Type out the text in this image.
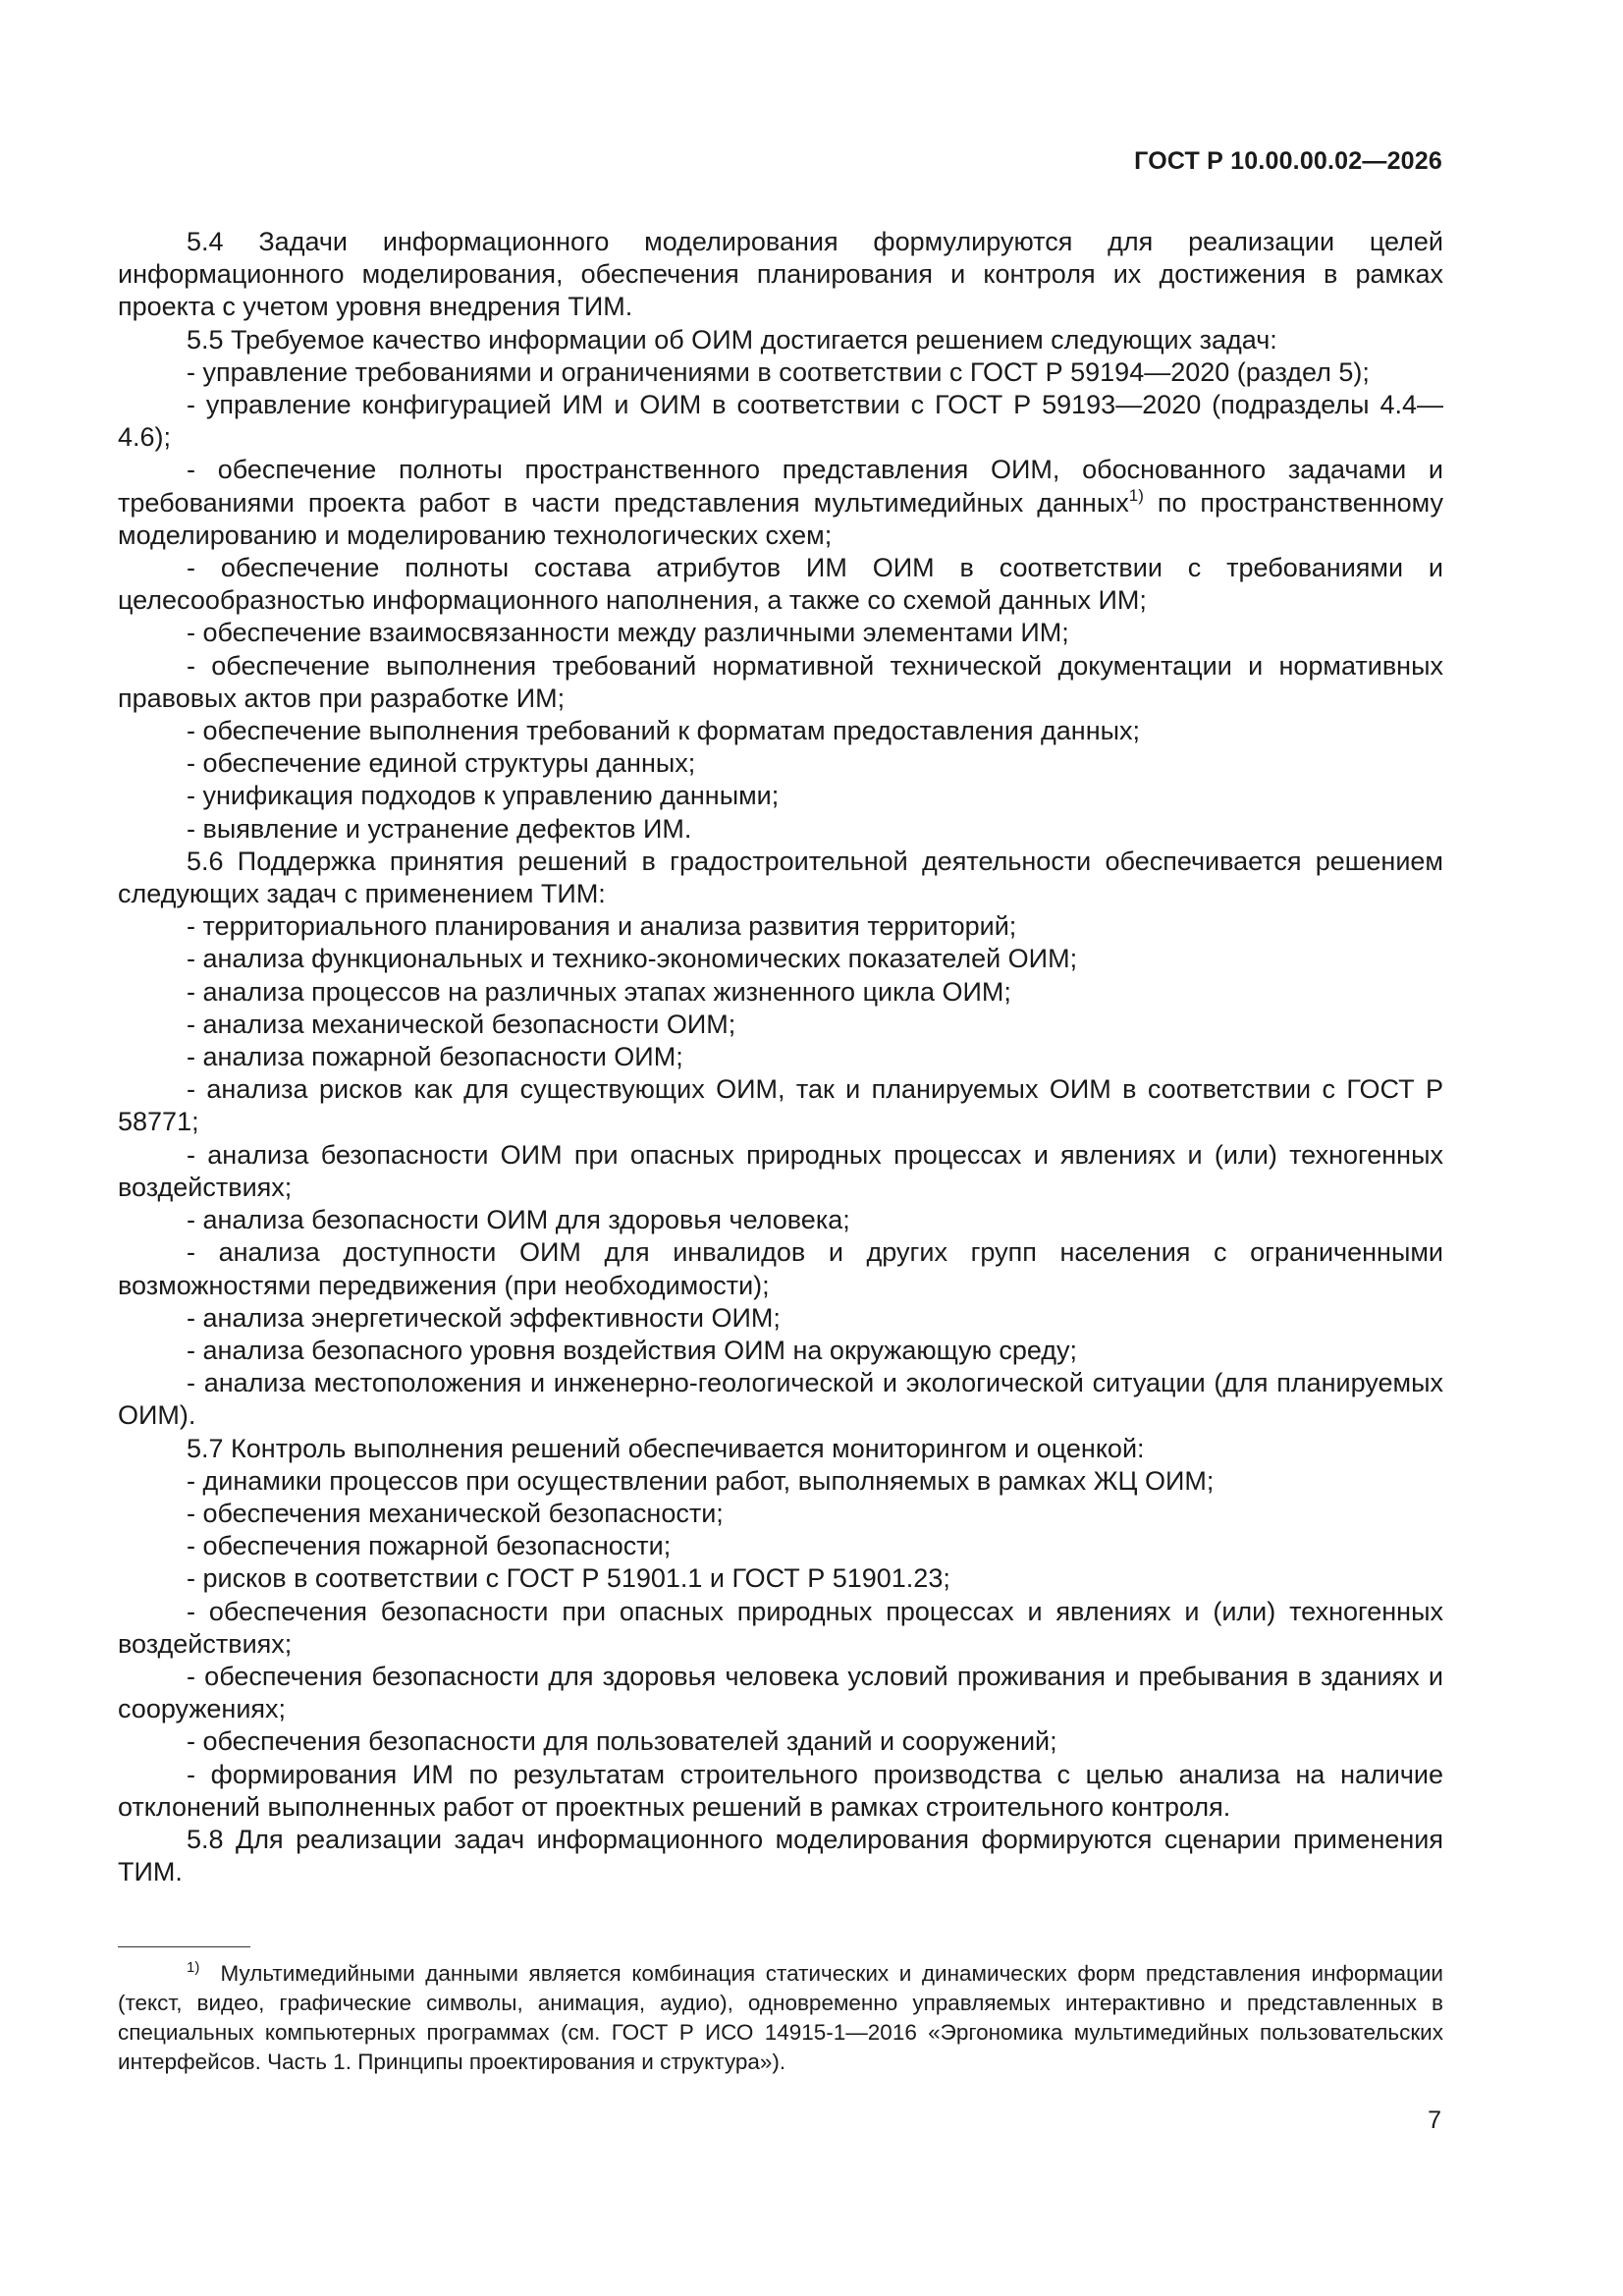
ГОСТ Р 10.00.00.02—2026

5.4 Задачи информационного моделирования формулируются для реализации целей информационного моделирования, обеспечения планирования и контроля их достижения в рамках проекта с учетом уровня внедрения ТИМ.

5.5 Требуемое качество информации об ОИМ достигается решением следующих задач:

- управление требованиями и ограничениями в соответствии с ГОСТ Р 59194—2020 (раздел 5);

- управление конфигурацией ИМ и ОИМ в соответствии с ГОСТ Р 59193—2020 (подразделы 4.4—4.6);

- обеспечение полноты пространственного представления ОИМ, обоснованного задачами и требованиями проекта работ в части представления мультимедийных данных$^{1)}$ по пространственному моделированию и моделированию технологических схем;

- обеспечение полноты состава атрибутов ИМ ОИМ в соответствии с требованиями и целесообразностью информационного наполнения, а также со схемой данных ИМ;

- обеспечение взаимосвязанности между различными элементами ИМ;

- обеспечение выполнения требований нормативной технической документации и нормативных правовых актов при разработке ИМ;

- обеспечение выполнения требований к форматам предоставления данных;

- обеспечение единой структуры данных;

- унификация подходов к управлению данными;

- выявление и устранение дефектов ИМ.

5.6 Поддержка принятия решений в градостроительной деятельности обеспечивается решением следующих задач с применением ТИМ:

- территориального планирования и анализа развития территорий;

- анализа функциональных и технико-экономических показателей ОИМ;

- анализа процессов на различных этапах жизненного цикла ОИМ;

- анализа механической безопасности ОИМ;

- анализа пожарной безопасности ОИМ;

- анализа рисков как для существующих ОИМ, так и планируемых ОИМ в соответствии с ГОСТ Р 58771;

- анализа безопасности ОИМ при опасных природных процессах и явлениях и (или) техногенных воздействиях;

- анализа безопасности ОИМ для здоровья человека;

- анализа доступности ОИМ для инвалидов и других групп населения с ограниченными возможностями передвижения (при необходимости);

- анализа энергетической эффективности ОИМ;

- анализа безопасного уровня воздействия ОИМ на окружающую среду;

- анализа местоположения и инженерно-геологической и экологической ситуации (для планируемых ОИМ).

5.7 Контроль выполнения решений обеспечивается мониторингом и оценкой:

- динамики процессов при осуществлении работ, выполняемых в рамках ЖЦ ОИМ;

- обеспечения механической безопасности;

- обеспечения пожарной безопасности;

- рисков в соответствии с ГОСТ Р 51901.1 и ГОСТ Р 51901.23;

- обеспечения безопасности при опасных природных процессах и явлениях и (или) техногенных воздействиях;

- обеспечения безопасности для здоровья человека условий проживания и пребывания в зданиях и сооружениях;

- обеспечения безопасности для пользователей зданий и сооружений;

- формирования ИМ по результатам строительного производства с целью анализа на наличие отклонений выполненных работ от проектных решений в рамках строительного контроля.

5.8 Для реализации задач информационного моделирования формируются сценарии применения ТИМ.

$^{1)}$ Мультимедийными данными является комбинация статических и динамических форм представления информации (текст, видео, графические символы, анимация, аудио), одновременно управляемых интерактивно и представленных в специальных компьютерных программах (см. ГОСТ Р ИСО 14915-1—2016 «Эргономика мультимедийных пользовательских интерфейсов. Часть 1. Принципы проектирования и структура»).

7
